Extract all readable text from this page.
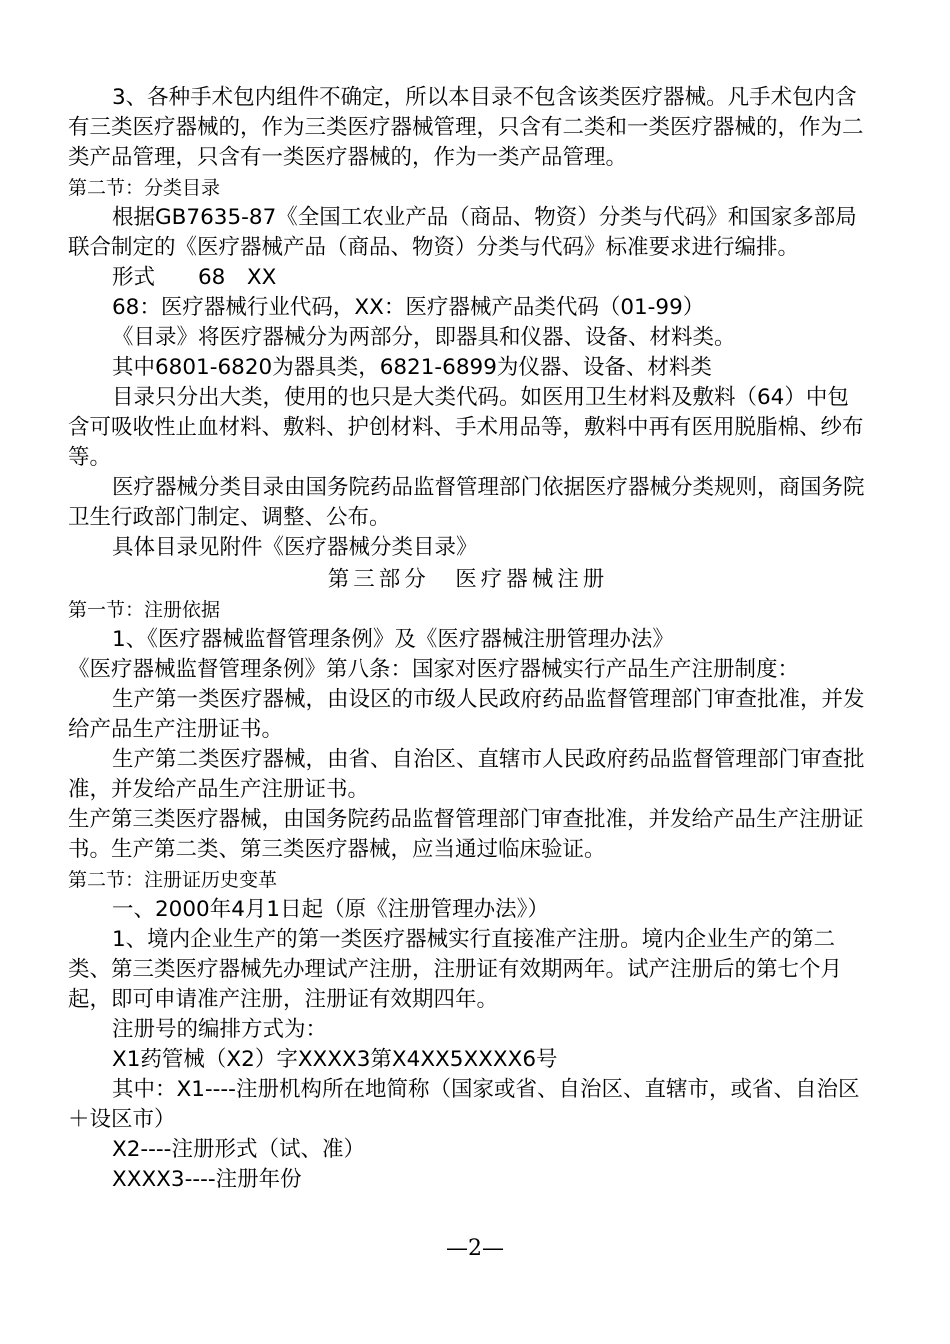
3、各种手术包内组件不确定，所以本目录不包含该类医疗器械。凡手术包内含有三类医疗器械的，作为三类医疗器械管理，只含有二类和一类医疗器械的，作为二类产品管理，只含有一类医疗器械的，作为一类产品管理。

第二节：分类目录

根据GB7635-87《全国工农业产品（商品、物资）分类与代码》和国家多部局联合制定的《医疗器械产品（商品、物资）分类与代码》标准要求进行编排。

形式　　68　XX

68：医疗器械行业代码，XX：医疗器械产品类代码（01-99）

《目录》将医疗器械分为两部分，即器具和仪器、设备、材料类。

其中6801-6820为器具类，6821-6899为仪器、设备、材料类

目录只分出大类，使用的也只是大类代码。如医用卫生材料及敷料（64）中包含可吸收性止血材料、敷料、护创材料、手术用品等，敷料中再有医用脱脂棉、纱布等。

医疗器械分类目录由国务院药品监督管理部门依据医疗器械分类规则，商国务院卫生行政部门制定、调整、公布。

具体目录见附件《医疗器械分类目录》

第三部分　医疗器械注册

第一节：注册依据

1、《医疗器械监督管理条例》及《医疗器械注册管理办法》

《医疗器械监督管理条例》第八条：国家对医疗器械实行产品生产注册制度：

生产第一类医疗器械，由设区的市级人民政府药品监督管理部门审查批准，并发给产品生产注册证书。

生产第二类医疗器械，由省、自治区、直辖市人民政府药品监督管理部门审查批准，并发给产品生产注册证书。

生产第三类医疗器械，由国务院药品监督管理部门审查批准，并发给产品生产注册证书。生产第二类、第三类医疗器械，应当通过临床验证。

第二节：注册证历史变革

一、2000年4月1日起（原《注册管理办法》）

1、境内企业生产的第一类医疗器械实行直接准产注册。境内企业生产的第二类、第三类医疗器械先办理试产注册，注册证有效期两年。试产注册后的第七个月起，即可申请准产注册，注册证有效期四年。

注册号的编排方式为：

X1药管械（X2）字XXXX3第X4XX5XXXX6号

其中：X1----注册机构所在地简称（国家或省、自治区、直辖市，或省、自治区＋设区市）

X2----注册形式（试、准）

XXXX3----注册年份

—2—
